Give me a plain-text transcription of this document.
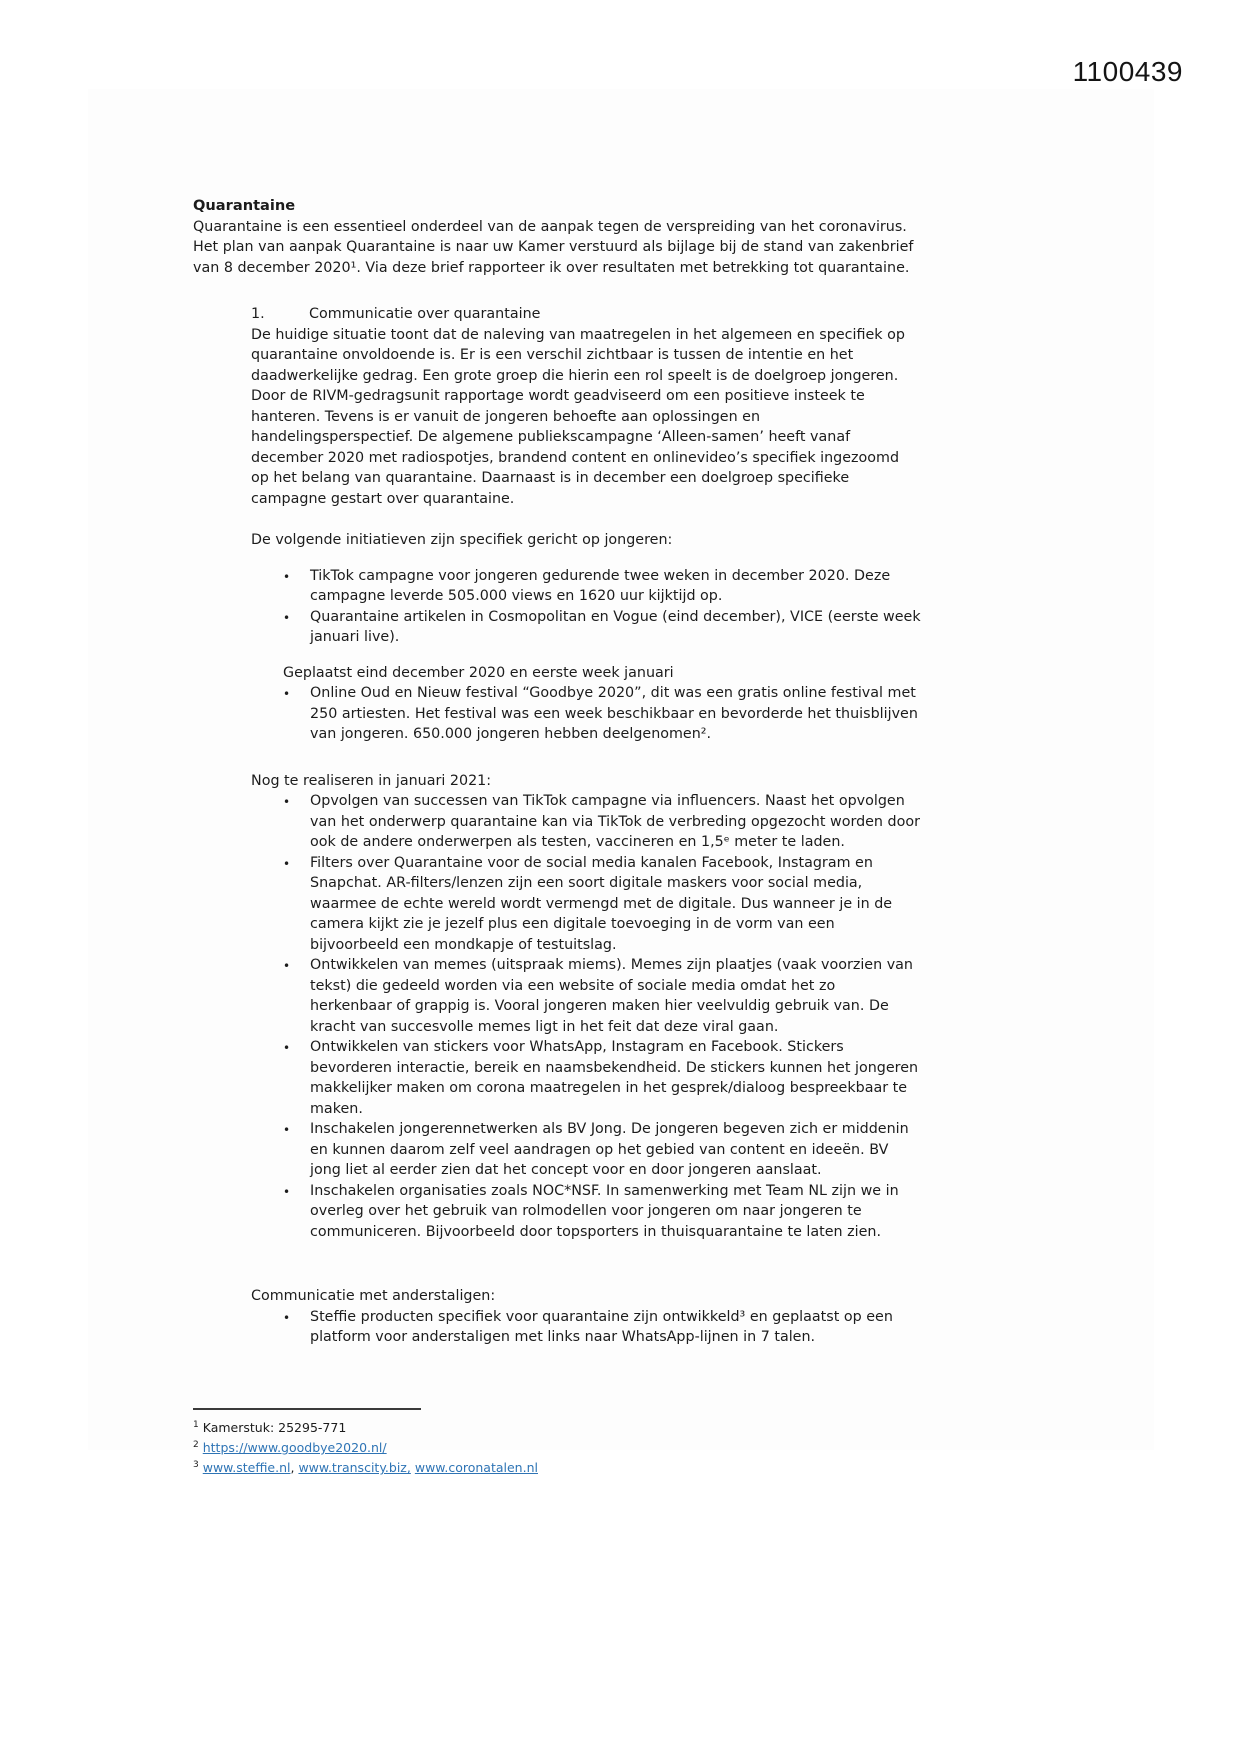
1100439
Quarantaine
Quarantaine is een essentieel onderdeel van de aanpak tegen de verspreiding van het coronavirus. Het plan van aanpak Quarantaine is naar uw Kamer verstuurd als bijlage bij de stand van zakenbrief van 8 december 2020¹. Via deze brief rapporteer ik over resultaten met betrekking tot quarantaine.
1.	Communicatie over quarantaine
De huidige situatie toont dat de naleving van maatregelen in het algemeen en specifiek op quarantaine onvoldoende is. Er is een verschil zichtbaar is tussen de intentie en het daadwerkelijke gedrag. Een grote groep die hierin een rol speelt is de doelgroep jongeren. Door de RIVM-gedragsunit rapportage wordt geadviseerd om een positieve insteek te hanteren. Tevens is er vanuit de jongeren behoefte aan oplossingen en handelingsperspectief. De algemene publiekscampagne ‘Alleen-samen’ heeft vanaf december 2020 met radiospotjes, brandend content en onlinevideo’s specifiek ingezoomd op het belang van quarantaine. Daarnaast is in december een doelgroep specifieke campagne gestart over quarantaine.
De volgende initiatieven zijn specifiek gericht op jongeren:
•	TikTok campagne voor jongeren gedurende twee weken in december 2020. Deze campagne leverde 505.000 views en 1620 uur kijktijd op.
•	Quarantaine artikelen in Cosmopolitan en Vogue (eind december), VICE (eerste week januari live).
Geplaatst eind december 2020 en eerste week januari
•	Online Oud en Nieuw festival “Goodbye 2020”, dit was een gratis online festival met 250 artiesten. Het festival was een week beschikbaar en bevorderde het thuisblijven van jongeren. 650.000 jongeren hebben deelgenomen².
Nog te realiseren in januari 2021:
•	Opvolgen van successen van TikTok campagne via influencers. Naast het opvolgen van het onderwerp quarantaine kan via TikTok de verbreding opgezocht worden door ook de andere onderwerpen als testen, vaccineren en 1,5ᵉ meter te laden.
•	Filters over Quarantaine voor de social media kanalen Facebook, Instagram en Snapchat. AR-filters/lenzen zijn een soort digitale maskers voor social media, waarmee de echte wereld wordt vermengd met de digitale. Dus wanneer je in de camera kijkt zie je jezelf plus een digitale toevoeging in de vorm van een bijvoorbeeld een mondkapje of testuitslag.
•	Ontwikkelen van memes (uitspraak miems). Memes zijn plaatjes (vaak voorzien van tekst) die gedeeld worden via een website of sociale media omdat het zo herkenbaar of grappig is. Vooral jongeren maken hier veelvuldig gebruik van. De kracht van succesvolle memes ligt in het feit dat deze viral gaan.
•	Ontwikkelen van stickers voor WhatsApp, Instagram en Facebook. Stickers bevorderen interactie, bereik en naamsbekendheid. De stickers kunnen het jongeren makkelijker maken om corona maatregelen in het gesprek/dialoog bespreekbaar te maken.
•	Inschakelen jongerennetwerken als BV Jong. De jongeren begeven zich er middenin en kunnen daarom zelf veel aandragen op het gebied van content en ideeën. BV jong liet al eerder zien dat het concept voor en door jongeren aanslaat.
•	Inschakelen organisaties zoals NOC*NSF. In samenwerking met Team NL zijn we in overleg over het gebruik van rolmodellen voor jongeren om naar jongeren te communiceren. Bijvoorbeeld door topsporters in thuisquarantaine te laten zien.
Communicatie met anderstaligen:
•	Steffie producten specifiek voor quarantaine zijn ontwikkeld³ en geplaatst op een platform voor anderstaligen met links naar WhatsApp-lijnen in 7 talen.
$^1$ Kamerstuk: 25295-771
$^2$ https://www.goodbye2020.nl/
$^3$ www.steffie.nl, www.transcity.biz, www.coronatalen.nl
